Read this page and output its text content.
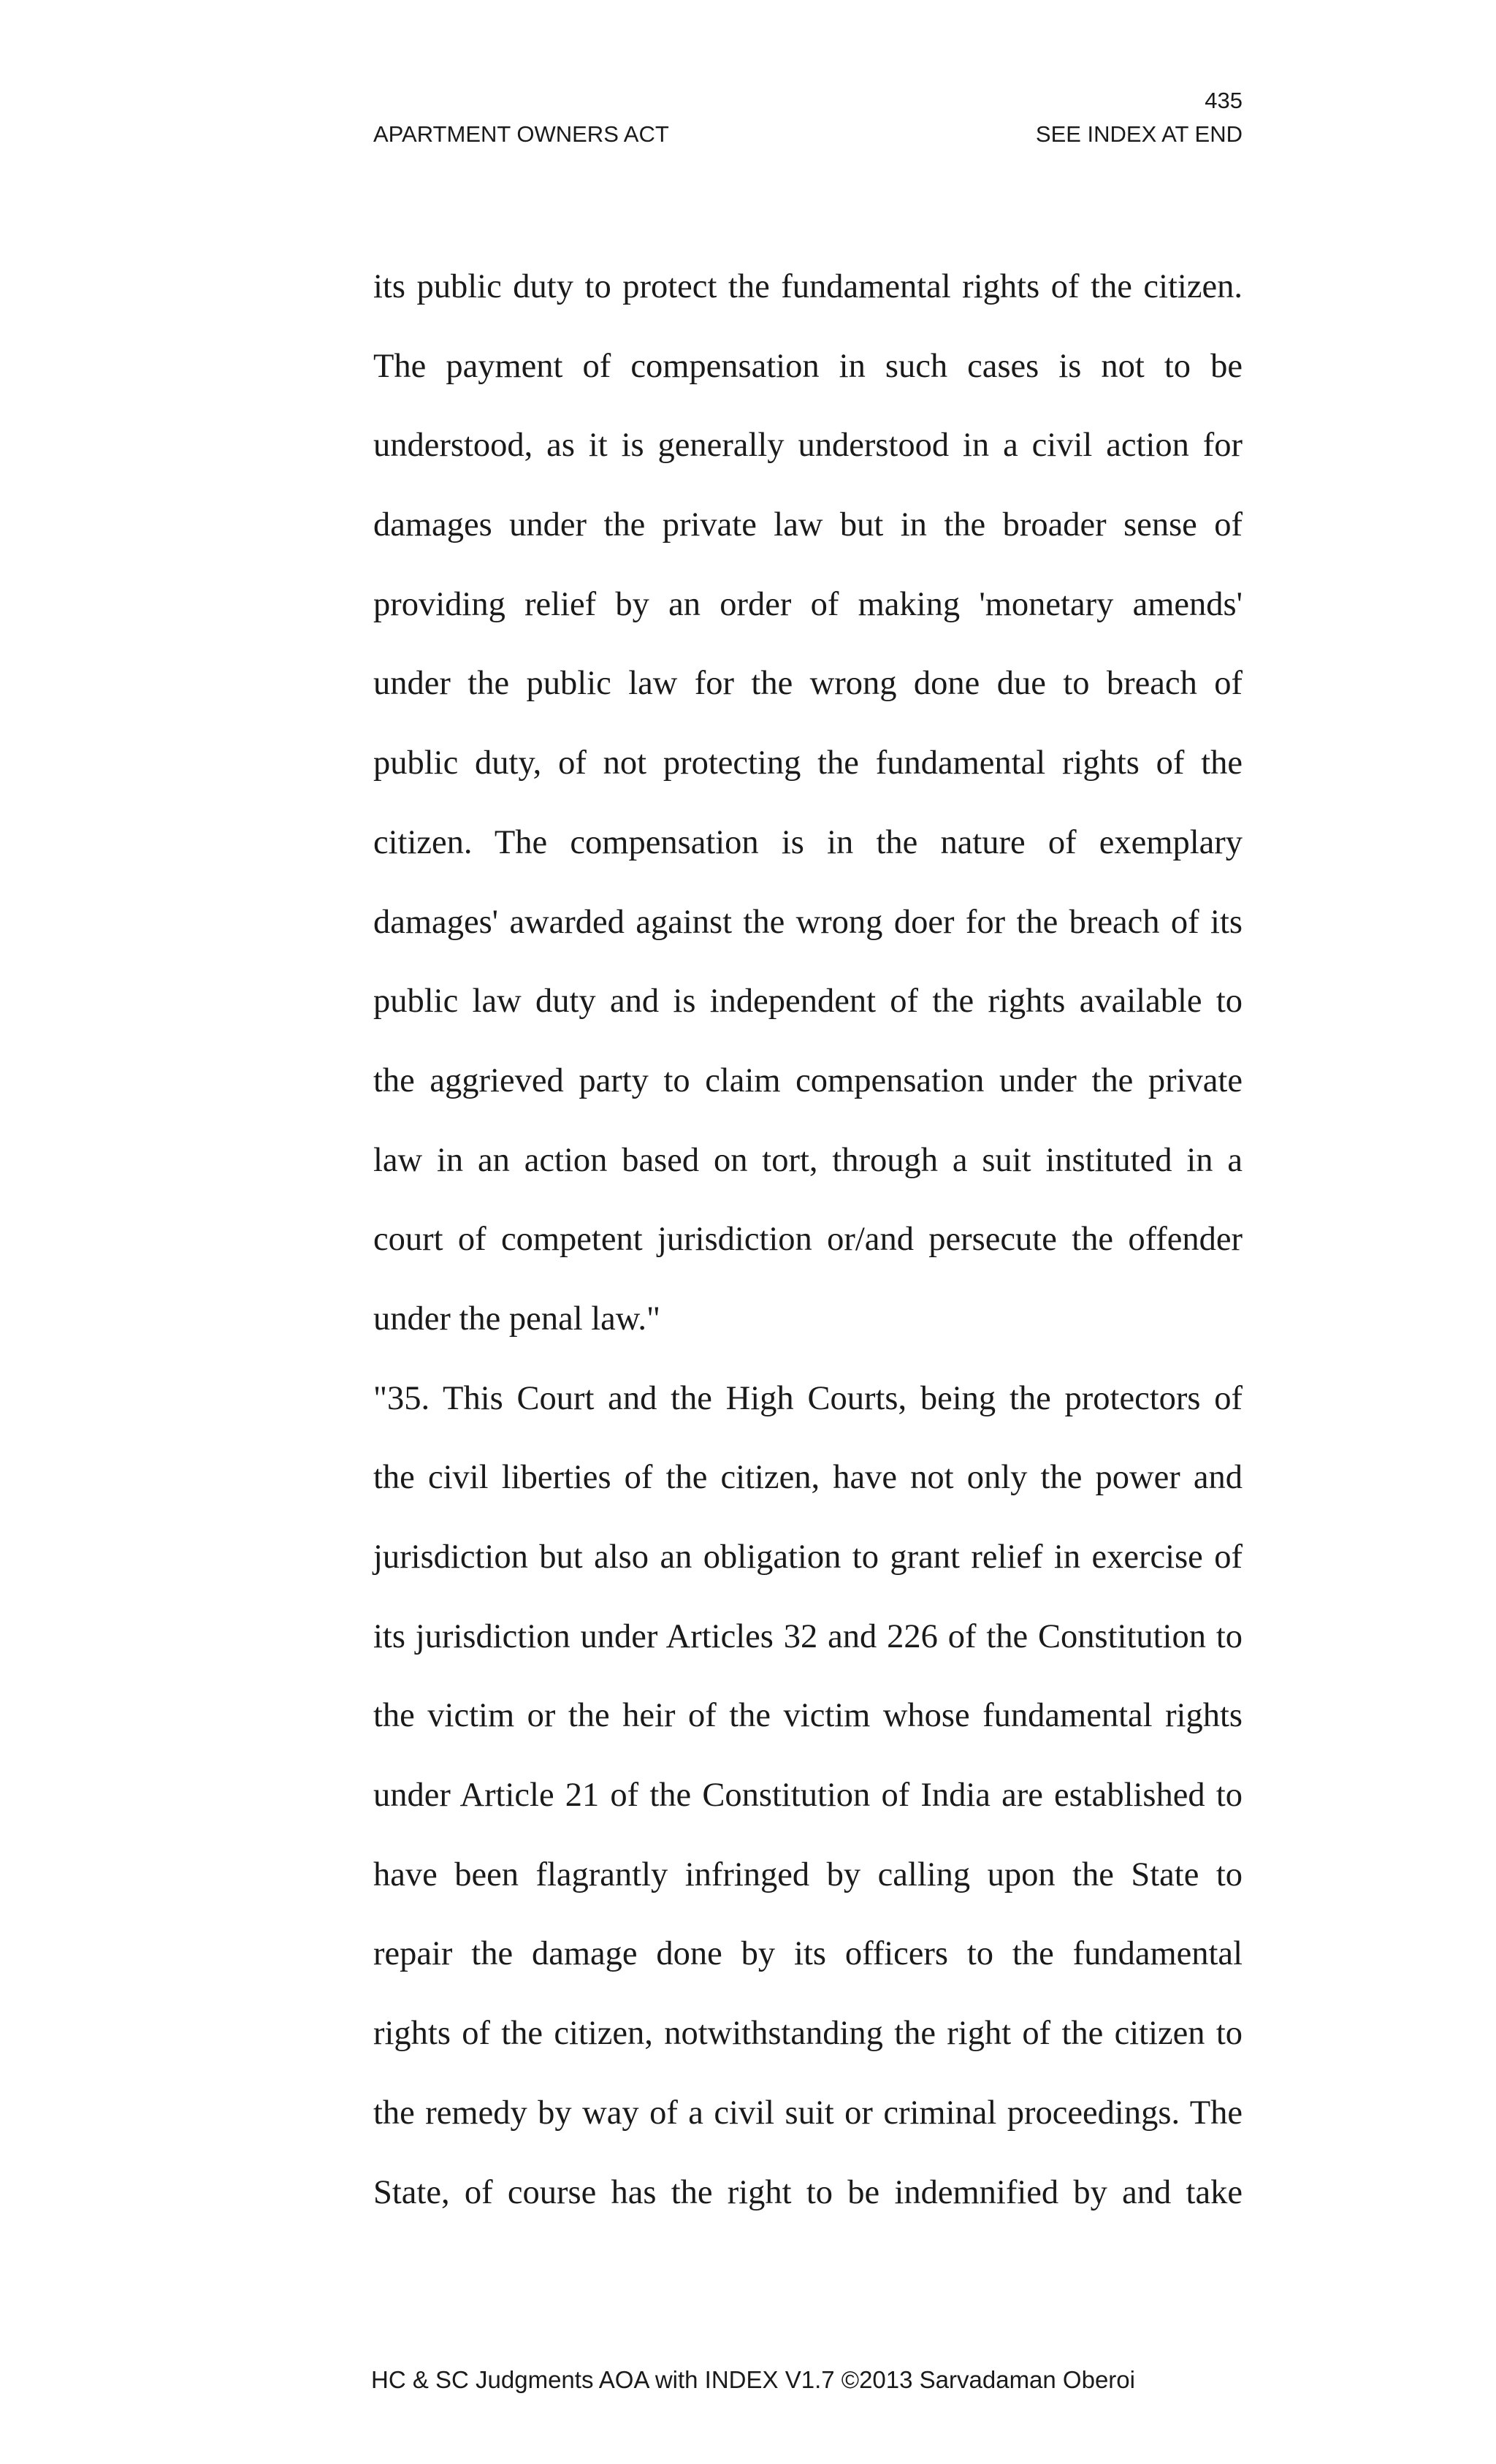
435
APARTMENT OWNERS ACT	SEE INDEX AT END
its public duty to protect the fundamental rights of the citizen.
The payment of compensation in such cases is not to be
understood, as it is generally understood in a civil action for
damages under the private law but in the broader sense of
providing relief by an order of making 'monetary amends'
under the public law for the wrong done due to breach of
public duty, of not protecting the fundamental rights of the
citizen. The compensation is in the nature of exemplary
damages' awarded against the wrong doer for the breach of its
public law duty and is independent of the rights available to
the aggrieved party to claim compensation under the private
law in an action based on tort, through a suit instituted in a
court of competent jurisdiction or/and persecute the offender
under the penal law."
"35. This Court and the High Courts, being the protectors of
the civil liberties of the citizen, have not only the power and
jurisdiction but also an obligation to grant relief in exercise of
its jurisdiction under Articles 32 and 226 of the Constitution to
the victim or the heir of the victim whose fundamental rights
under Article 21 of the Constitution of India are established to
have been flagrantly infringed by calling upon the State to
repair the damage done by its officers to the fundamental
rights of the citizen, notwithstanding the right of the citizen to
the remedy by way of a civil suit or criminal proceedings. The
State, of course has the right to be indemnified by and take
HC & SC Judgments AOA with INDEX V1.7 ©2013 Sarvadaman Oberoi
